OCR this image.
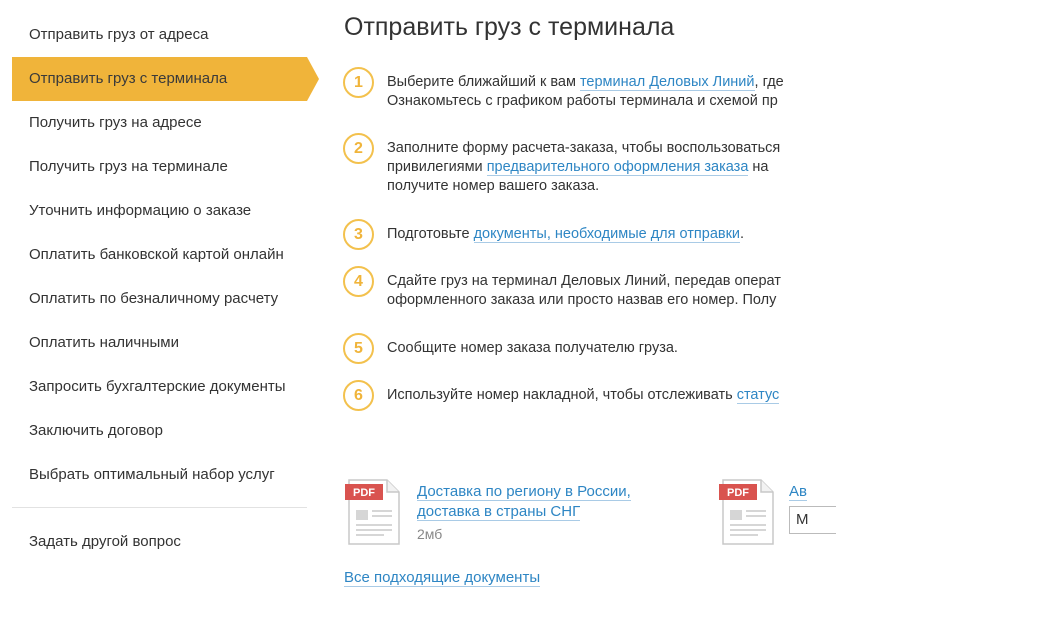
Отправить груз от адреса
Отправить груз с терминала
Получить груз на адресе
Получить груз на терминале
Уточнить информацию о заказе
Оплатить банковской картой онлайн
Оплатить по безналичному расчету
Оплатить наличными
Запросить бухгалтерские документы
Заключить договор
Выбрать оптимальный набор услуг
Задать другой вопрос
Отправить груз с терминала
1	Выберите ближайший к вам терминал Деловых Линий, где
Ознакомьтесь с графиком работы терминала и схемой пр
2	Заполните форму расчета-заказа, чтобы воспользоваться
привилегиями предварительного оформления заказа на
получите номер вашего заказа.
3	Подготовьте документы, необходимые для отправки.
4	Сдайте груз на терминал Деловых Линий, передав операт
оформленного заказа или просто назвав его номер. Полу
5	Сообщите номер заказа получателю груза.
6	Используйте номер накладной, чтобы отслеживать статус
PDF	Доставка по региону в России,
доставка в страны СНГ
2мб
PDF	Ав
М
Все подходящие документы
